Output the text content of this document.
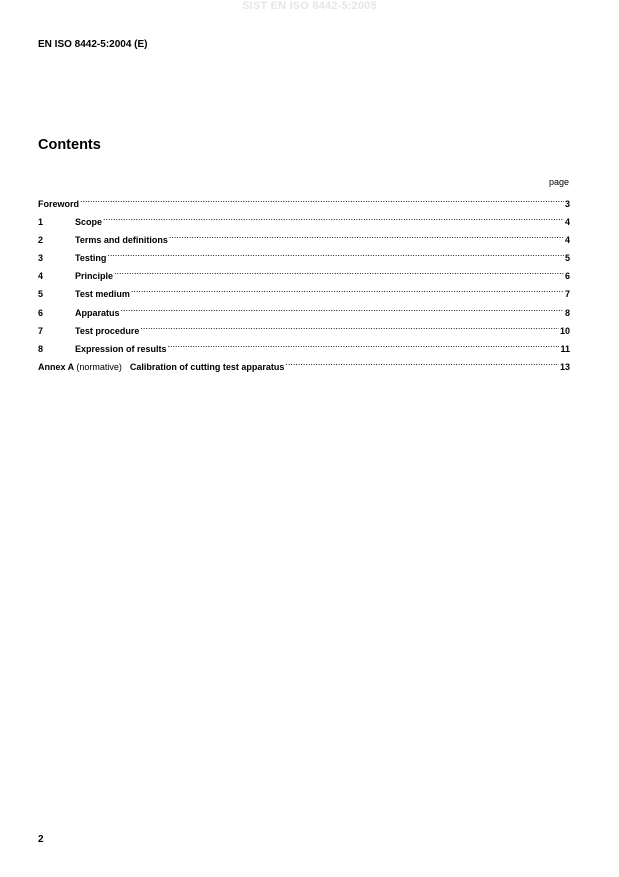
SIST EN ISO 8442-5:2005
EN ISO 8442-5:2004 (E)
Contents
page
Foreword .....	3
1	Scope .....	4
2	Terms and definitions .....	4
3	Testing .....	5
4	Principle .....	6
5	Test medium .....	7
6	Apparatus .....	8
7	Test procedure .....	10
8	Expression of results .....	11
Annex A (normative) Calibration of cutting test apparatus .....	13
2
